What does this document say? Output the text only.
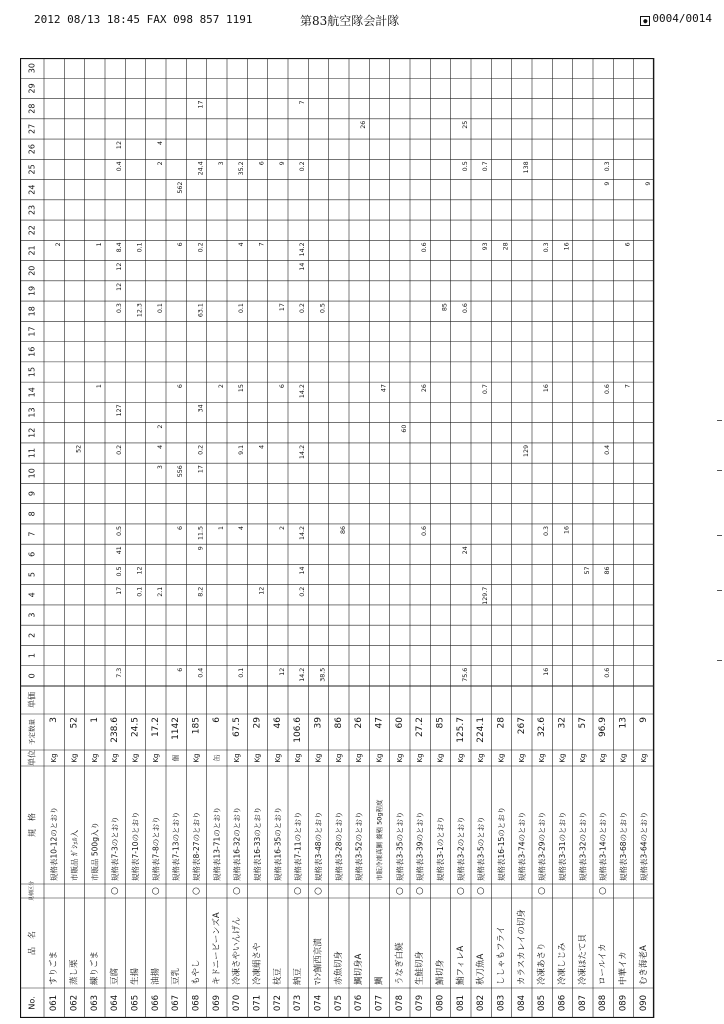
2012 08/13 18:45 FAX 098 857 1191	第83航空隊会計隊	● 0004/0014
No.
品　名
見積区分
規　格
単位
予定数量
単価
0
1
2
3
4
5
6
7
8
9
10
11
12
13
14
15
16
17
18
19
20
21
22
23
24
25
26
27
28
29
30
061
すりごま
規格表10-12のとおり
Kg
3
2
062
蒸し栗
市販品 ｶﾞｼｪﾙ入
Kg
52
52
063
練りごま
市販品 500g入り
Kg
1
1
1
064
豆腐
○
規格表7-3のとおり
Kg
238.6
7.3
17
0.5
41
0.5
0.2
127
0.3
12
12
8.4
0.4
12
065
生揚
規格表7-10のとおり
Kg
24.5
0.1
12
12.3
0.1
066
油揚
○
規格表7-8のとおり
Kg
17.2
2.1
3
4
2
0.1
2
4
067
豆乳
規格表7-13のとおり
個
1142
6
6
556
6
6
562
068
もやし
○
規格表8-27のとおり
Kg
185
0.4
8.2
9
11.5
17
0.2
34
63.1
0.2
24.4
17
069
キドニービーンズA
規格表13-71のとおり
缶
6
1
2
3
070
冷凍さやいんげん
○
規格表16-32のとおり
Kg
67.5
0.1
4
9.1
15
0.1
4
35.2
071
冷凍絹さや
規格表16-33のとおり
Kg
29
12
4
7
6
072
枝豆
規格表16-35のとおり
Kg
46
12
2
6
17
9
073
納豆
○
規格表7-11のとおり
Kg
106.6
14.2
0.2
14
14.2
14.2
14.2
0.2
14
14.2
0.2
7
074
ﾏﾄﾝ鯖西京漬
○
規格表3-48のとおり
Kg
39
38.5
0.5
075
赤魚切身
規格表3-28のとおり
Kg
86
86
076
鯛切身A
規格表3-52のとおり
Kg
26
26
077
鯛
市販冷凍真鯛 養殖 50g程度
Kg
47
47
078
うなぎ白焼
○
規格表3-35のとおり
Kg
60
60
079
生鮭切身
○
規格表3-39のとおり
Kg
27.2
0.6
26
0.6
080
鯖切身
規格表3-1のとおり
Kg
85
85
081
鮪フィレA
○
規格表3-2のとおり
Kg
125.7
75.6
24
0.6
0.5
25
082
秋刀魚A
○
規格表3-5のとおり
Kg
224.1
129.7
0.7
93
0.7
083
ししゃもフライ
規格表16-15のとおり
Kg
28
28
084
カラスカレイの切身
規格表3-74のとおり
Kg
267
129
138
085
冷凍あさり
○
規格表3-29のとおり
Kg
32.6
16
0.3
16
0.3
086
冷凍しじみ
規格表3-31のとおり
Kg
32
16
16
087
冷凍ほたて貝
規格表3-32のとおり
Kg
57
57
088
ロールイカ
○
規格表3-14のとおり
Kg
96.9
0.6
86
0.4
0.6
9
0.3
089
中華イカ
規格表3-68のとおり
Kg
13
7
6
090
むき海老A
規格表3-64のとおり
Kg
9
9
